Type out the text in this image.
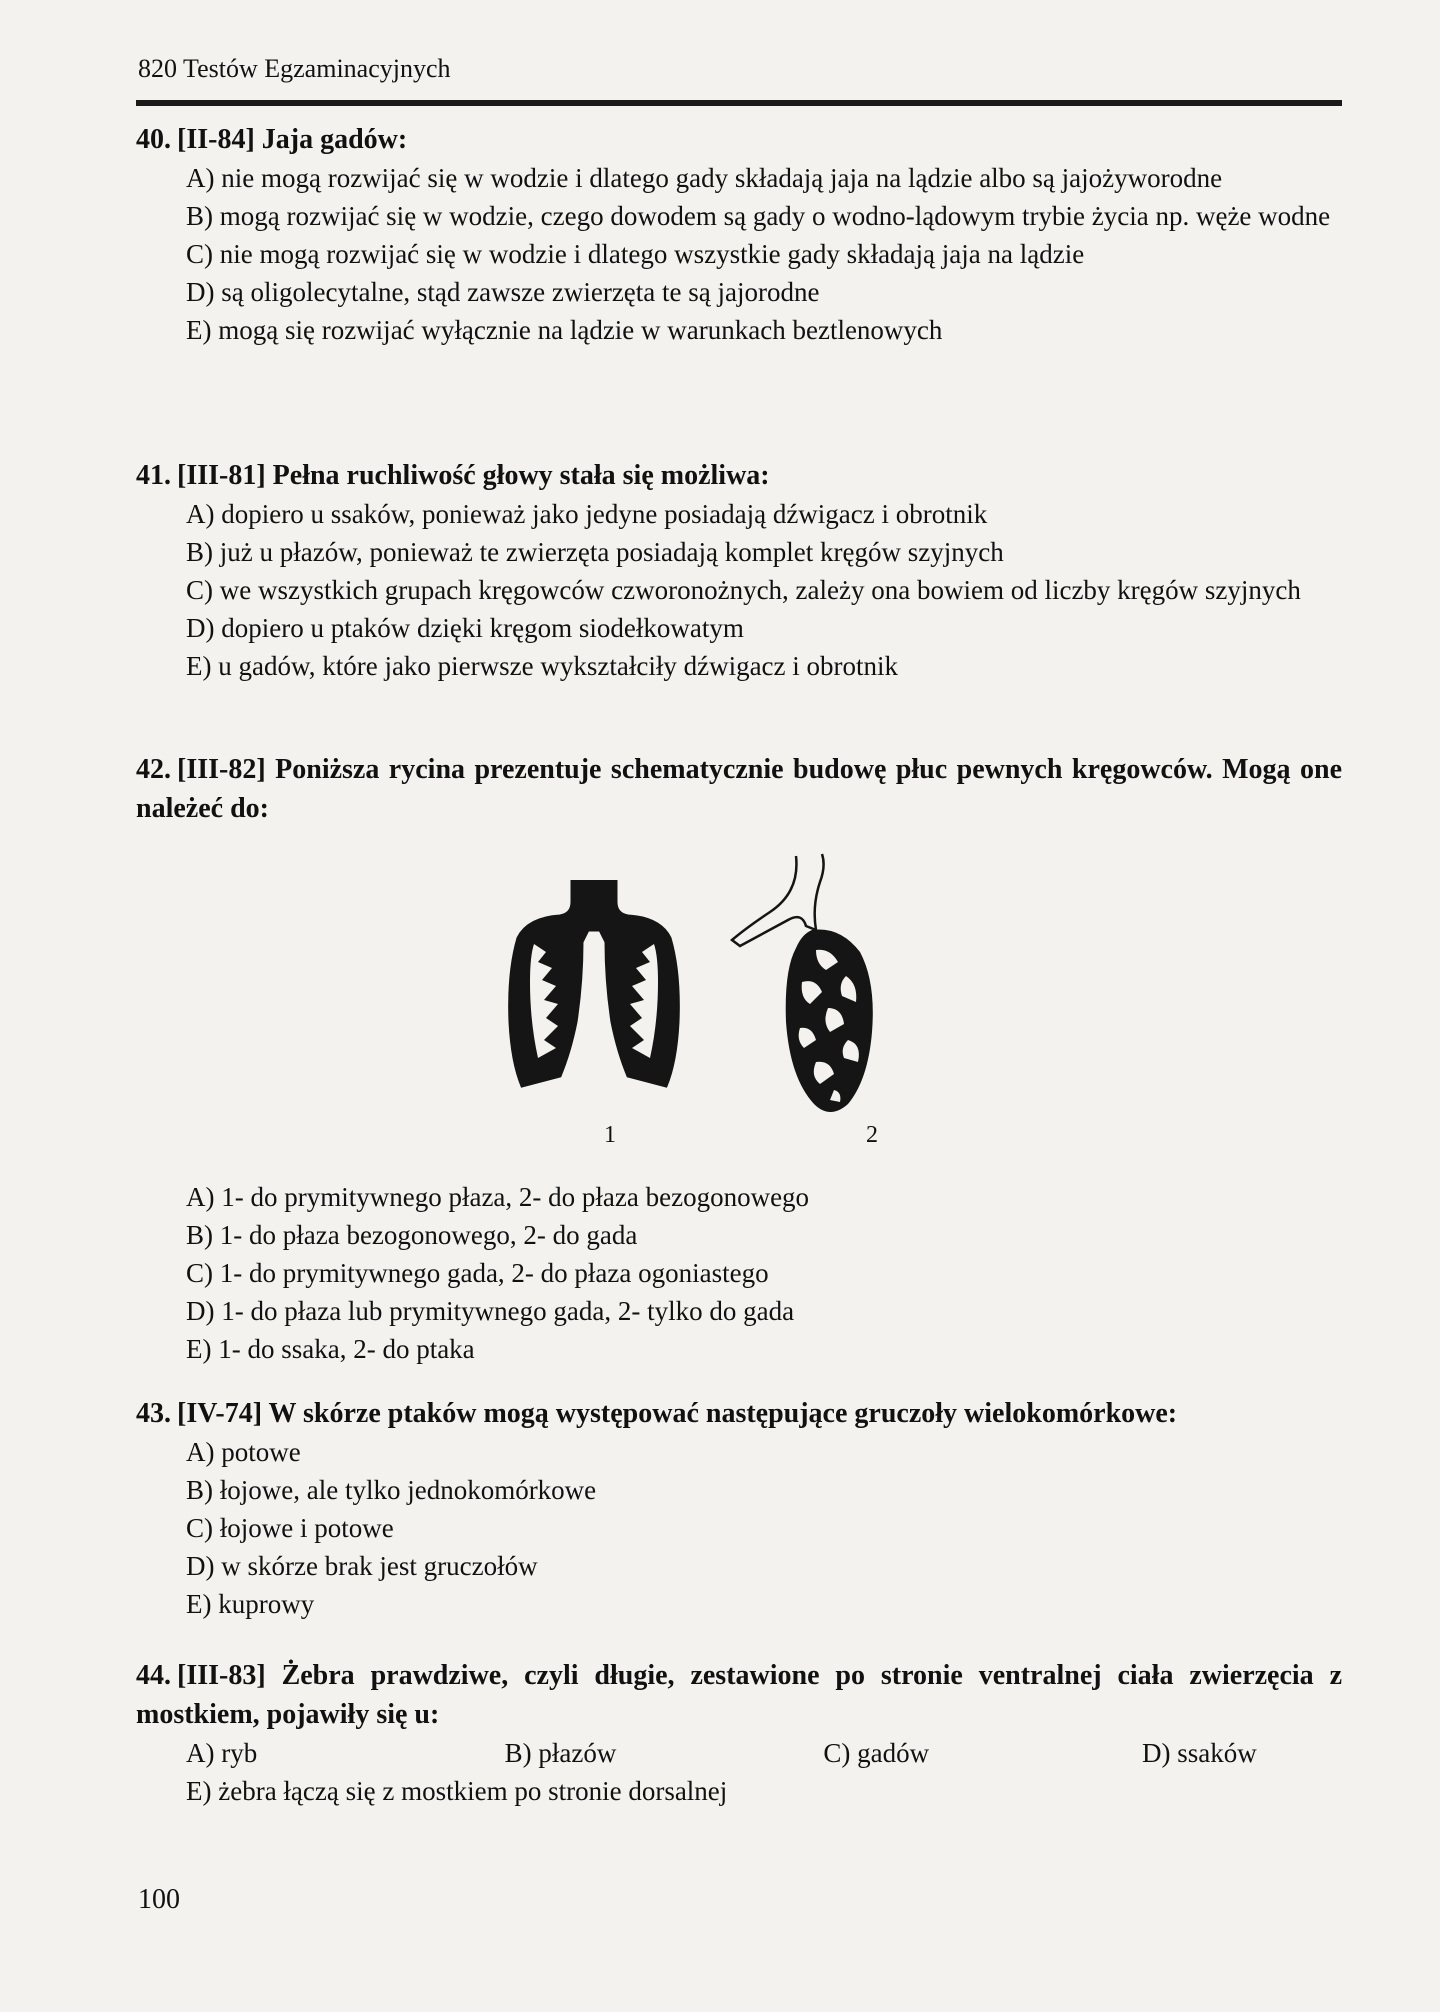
820 Testów Egzaminacyjnych
40. [II-84] Jaja gadów:
A) nie mogą rozwijać się w wodzie i dlatego gady składają jaja na lądzie albo są jajożyworodne
B) mogą rozwijać się w wodzie, czego dowodem są gady o wodno-lądowym trybie życia np. węże wodne
C) nie mogą rozwijać się w wodzie i dlatego wszystkie gady składają jaja na lądzie
D) są oligolecytalne, stąd zawsze zwierzęta te są jajorodne
E) mogą się rozwijać wyłącznie na lądzie w warunkach beztlenowych
41. [III-81] Pełna ruchliwość głowy stała się możliwa:
A) dopiero u ssaków, ponieważ jako jedyne posiadają dźwigacz i obrotnik
B) już u płazów, ponieważ te zwierzęta posiadają komplet kręgów szyjnych
C) we wszystkich grupach kręgowców czworonożnych, zależy ona bowiem od liczby kręgów szyjnych
D) dopiero u ptaków dzięki kręgom siodełkowatym
E) u gadów, które jako pierwsze wykształciły dźwigacz i obrotnik
42. [III-82] Poniższa rycina prezentuje schematycznie budowę płuc pewnych kręgowców. Mogą one należeć do:
1	2
A) 1- do prymitywnego płaza, 2- do płaza bezogonowego
B) 1- do płaza bezogonowego, 2- do gada
C) 1- do prymitywnego gada, 2- do płaza ogoniastego
D) 1- do płaza lub prymitywnego gada, 2- tylko do gada
E) 1- do ssaka, 2- do ptaka
43. [IV-74] W skórze ptaków mogą występować następujące gruczoły wielokomórkowe:
A) potowe
B) łojowe, ale tylko jednokomórkowe
C) łojowe i potowe
D) w skórze brak jest gruczołów
E) kuprowy
44. [III-83] Żebra prawdziwe, czyli długie, zestawione po stronie ventralnej ciała zwierzęcia z mostkiem, pojawiły się u:
A) ryb	B) płazów	C) gadów	D) ssaków
E) żebra łączą się z mostkiem po stronie dorsalnej
100
